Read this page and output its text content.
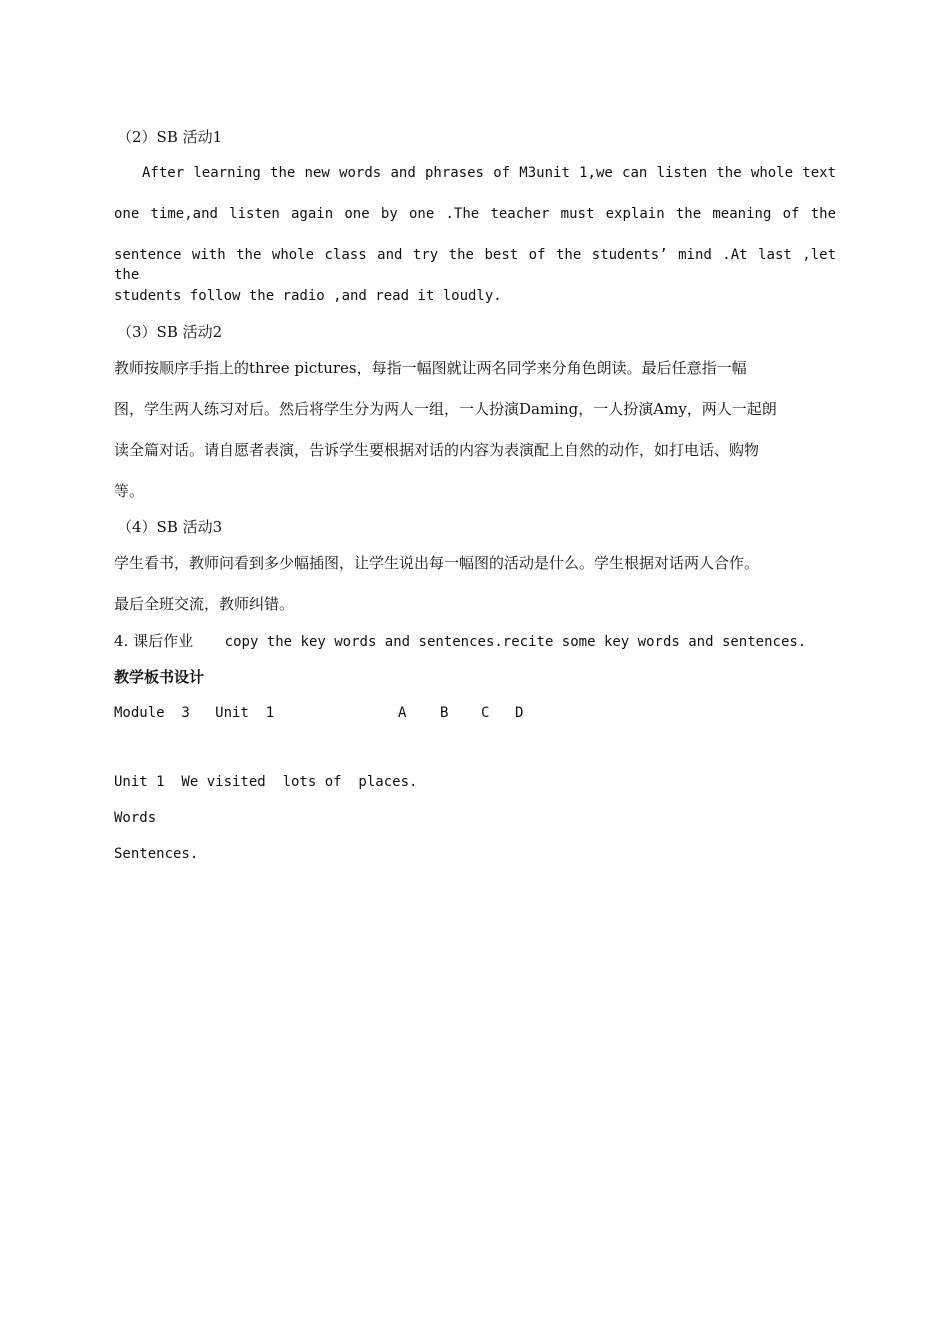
（2）SB 活动1
After learning the new words and phrases of M3unit 1,we can listen the whole text
one time,and listen again one by one .The teacher must explain the meaning of the
sentence with the whole class and try the best of the students’ mind .At last ,let the
students follow the radio ,and read it loudly.
（3）SB 活动2
教师按顺序手指上的three pictures，每指一幅图就让两名同学来分角色朗读。最后任意指一幅
图，学生两人练习对后。然后将学生分为两人一组，一人扮演Daming，一人扮演Amy，两人一起朗
读全篇对话。请自愿者表演，告诉学生要根据对话的内容为表演配上自然的动作，如打电话、购物
等。
（4）SB 活动3
学生看书，教师问看到多少幅插图，让学生说出每一幅图的活动是什么。学生根据对话两人合作。
最后全班交流，教师纠错。
4. 课后作业 copy the key words and sentences.recite some key words and sentences.
教学板书设计
Module  3   Unit  1	A B C D
Unit 1  We visited  lots of  places.
Words
Sentences.
